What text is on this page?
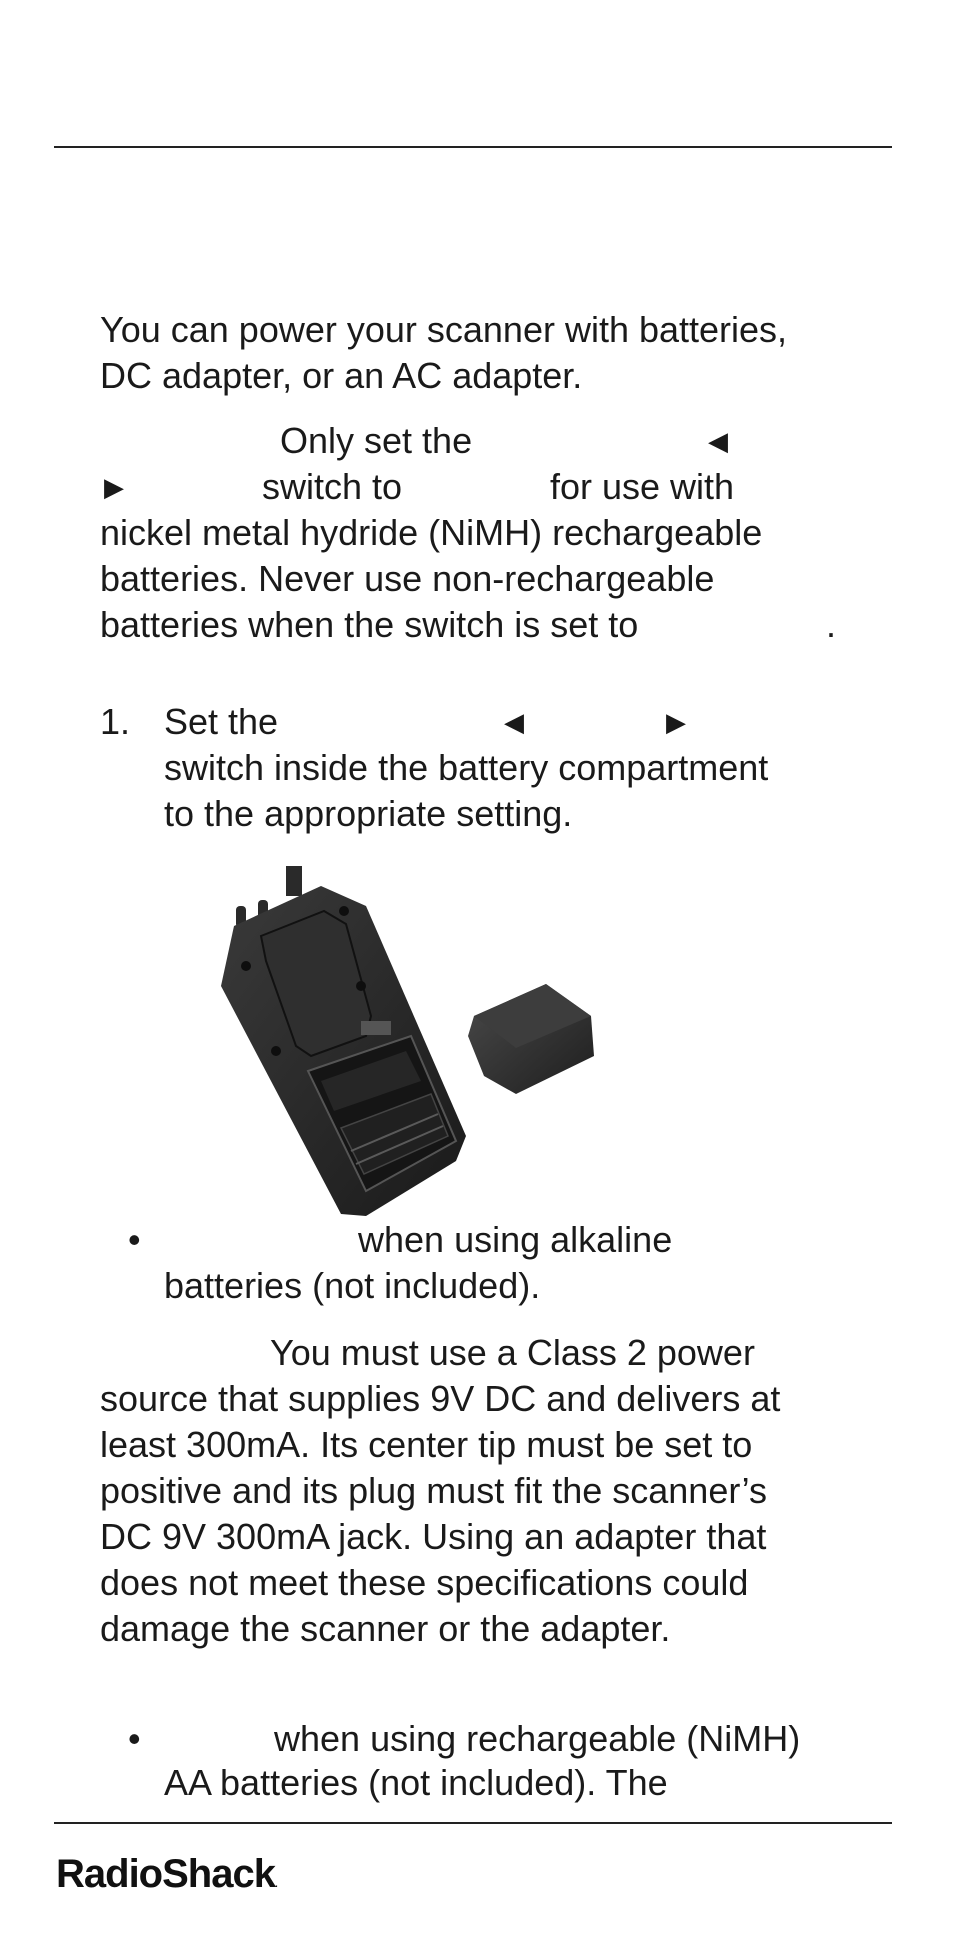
You can power your scanner with batteries,
DC adapter, or an AC adapter.
Only set the	◀
▶	switch to	for use with
nickel metal hydride (NiMH) rechargeable
batteries. Never use non-rechargeable
batteries when the switch is set to	.
1. Set the	◀	▶
switch inside the battery compartment
to the appropriate setting.
•	when using alkaline
batteries (not included).
You must use a Class 2 power
source that supplies 9V DC and delivers at
least 300mA. Its center tip must be set to
positive and its plug must fit the scanner’s
DC 9V 300mA jack. Using an adapter that
does not meet these specifications could
damage the scanner or the adapter.
•	when using rechargeable (NiMH)
AA batteries (not included). The
RadioShack.
